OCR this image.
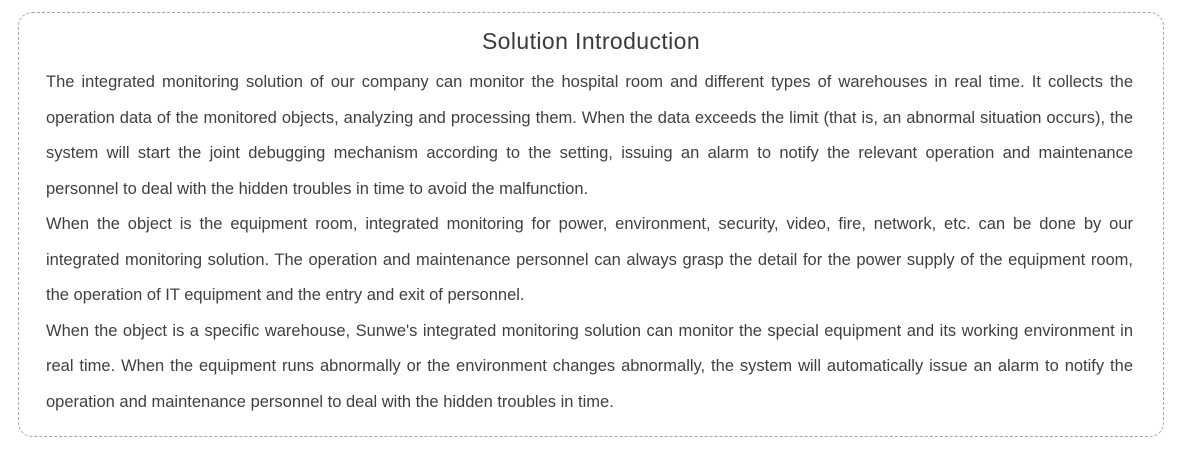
Solution Introduction

The integrated monitoring solution of our company can monitor the hospital room and different types of warehouses in real time. It collects the operation data of the monitored objects, analyzing and processing them. When the data exceeds the limit (that is, an abnormal situation occurs), the system will start the joint debugging mechanism according to the setting, issuing an alarm to notify the relevant operation and maintenance personnel to deal with the hidden troubles in time to avoid the malfunction.

When the object is the equipment room, integrated monitoring for power, environment, security, video, fire, network, etc. can be done by our integrated monitoring solution. The operation and maintenance personnel can always grasp the detail for the power supply of the equipment room, the operation of IT equipment and the entry and exit of personnel.

When the object is a specific warehouse, Sunwe's integrated monitoring solution can monitor the special equipment and its working environment in real time. When the equipment runs abnormally or the environment changes abnormally, the system will automatically issue an alarm to notify the operation and maintenance personnel to deal with the hidden troubles in time.
